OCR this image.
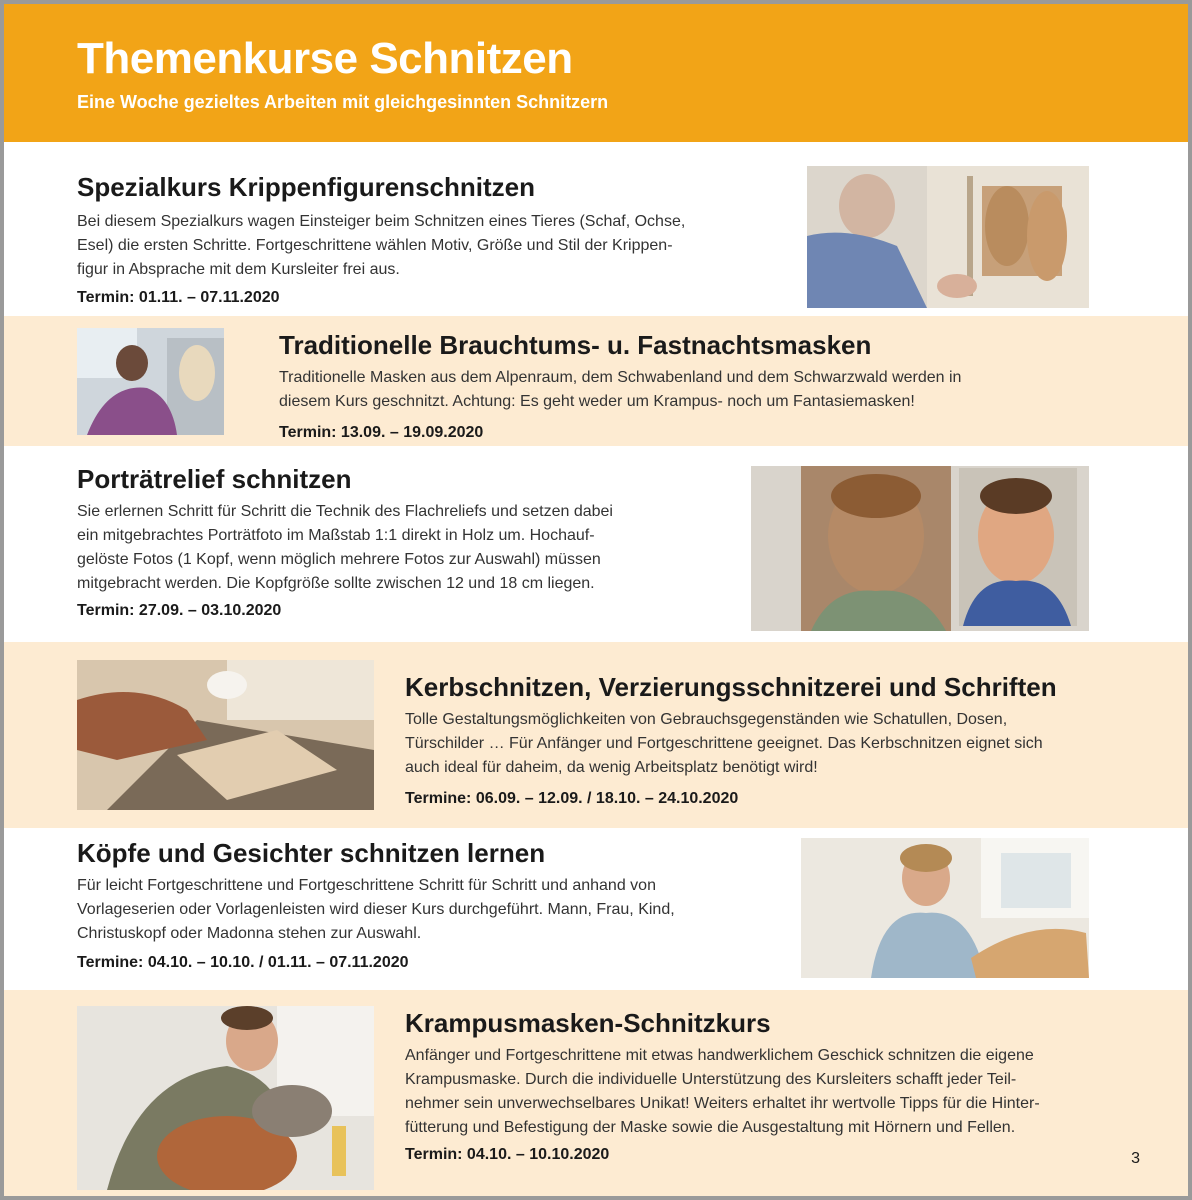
Themenkurse Schnitzen
Eine Woche gezieltes Arbeiten mit gleichgesinnten Schnitzern
Spezialkurs Krippenfigurenschnitzen
Bei diesem Spezialkurs wagen Einsteiger beim Schnitzen eines Tieres (Schaf, Ochse,
Esel) die ersten Schritte. Fortgeschrittene wählen Motiv, Größe und Stil der Krippen-
figur in Absprache mit dem Kursleiter frei aus.
Termin: 01.11. – 07.11.2020
Traditionelle Brauchtums- u. Fastnachtsmasken
Traditionelle Masken aus dem Alpenraum, dem Schwabenland und dem Schwarzwald werden in
diesem Kurs geschnitzt. Achtung: Es geht weder um Krampus- noch um Fantasiemasken!
Termin: 13.09. – 19.09.2020
Porträtrelief schnitzen
Sie erlernen Schritt für Schritt die Technik des Flachreliefs und setzen dabei
ein mitgebrachtes Porträtfoto im Maßstab 1:1 direkt in Holz um. Hochauf-
gelöste Fotos (1 Kopf, wenn möglich mehrere Fotos zur Auswahl) müssen
mitgebracht werden. Die Kopfgröße sollte zwischen 12 und 18 cm liegen.
Termin: 27.09. – 03.10.2020
Kerbschnitzen, Verzierungsschnitzerei und Schriften
Tolle Gestaltungsmöglichkeiten von Gebrauchsgegenständen wie Schatullen, Dosen,
Türschilder … Für Anfänger und Fortgeschrittene geeignet. Das Kerbschnitzen eignet sich
auch ideal für daheim, da wenig Arbeitsplatz benötigt wird!
Termine: 06.09. – 12.09. / 18.10. – 24.10.2020
Köpfe und Gesichter schnitzen lernen
Für leicht Fortgeschrittene und Fortgeschrittene Schritt für Schritt und anhand von
Vorlageserien oder Vorlagenleisten wird dieser Kurs durchgeführt. Mann, Frau, Kind,
Christuskopf oder Madonna stehen zur Auswahl.
Termine: 04.10. – 10.10. / 01.11. – 07.11.2020
Krampusmasken-Schnitzkurs
Anfänger und Fortgeschrittene mit etwas handwerklichem Geschick schnitzen die eigene
Krampusmaske. Durch die individuelle Unterstützung des Kursleiters schafft jeder Teil-
nehmer sein unverwechselbares Unikat! Weiters erhaltet ihr wertvolle Tipps für die Hinter-
fütterung und Befestigung der Maske sowie die Ausgestaltung mit Hörnern und Fellen.
Termin: 04.10. – 10.10.2020	3
